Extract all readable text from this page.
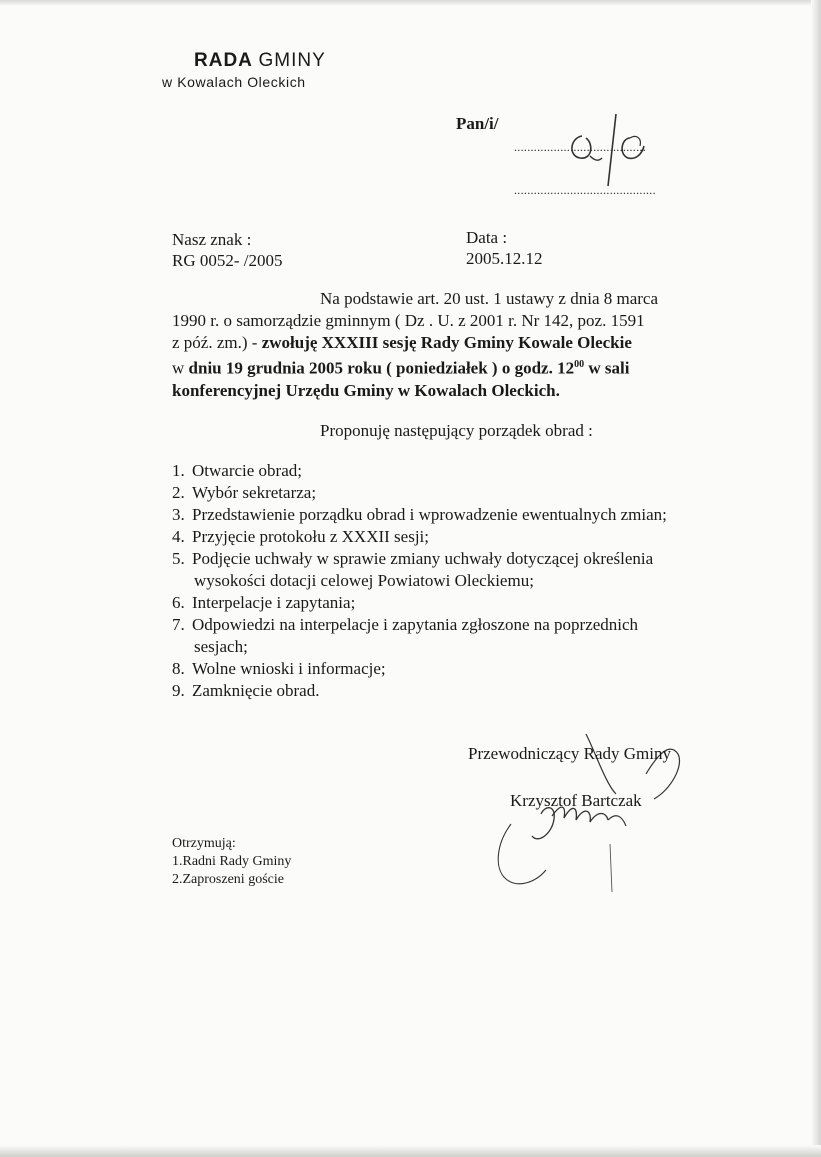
RADA GMINY
w Kowalach Oleckich
Pan/i/
........................................
...........................................
Nasz znak :
RG 0052- /2005
Data :
2005.12.12
Na podstawie art. 20 ust. 1 ustawy z dnia 8 marca
1990 r. o samorządzie gminnym ( Dz . U. z 2001 r. Nr 142, poz. 1591
z póź. zm.) - zwołuję XXXIII sesję Rady Gminy Kowale Oleckie
w dniu 19 grudnia 2005 roku ( poniedziałek ) o godz. $12^{00}$ w sali
konferencyjnej Urzędu Gminy w Kowalach Oleckich.
Proponuję następujący porządek obrad :
1. Otwarcie obrad;
2. Wybór sekretarza;
3. Przedstawienie porządku obrad i wprowadzenie ewentualnych zmian;
4. Przyjęcie protokołu z XXXII sesji;
5. Podjęcie uchwały w sprawie zmiany uchwały dotyczącej określenia
wysokości dotacji celowej Powiatowi Oleckiemu;
6. Interpelacje i zapytania;
7. Odpowiedzi na interpelacje i zapytania zgłoszone na poprzednich
sesjach;
8. Wolne wnioski i informacje;
9. Zamknięcie obrad.
Przewodniczący Rady Gminy
Krzysztof Bartczak
Otrzymują:
1.Radni Rady Gminy
2.Zaproszeni goście
